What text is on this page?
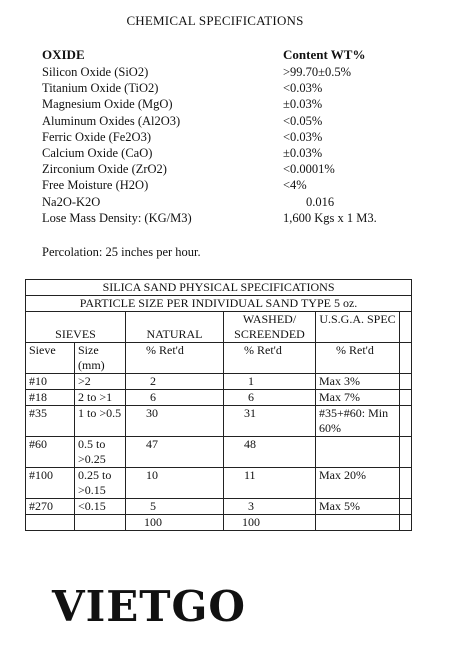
CHEMICAL SPECIFICATIONS
OXIDE	Content WT%
Silicon Oxide (SiO2)	>99.70±0.5%
Titanium Oxide (TiO2)	<0.03%
Magnesium Oxide (MgO)	±0.03%
Aluminum Oxides (Al2O3)	<0.05%
Ferric Oxide (Fe2O3)	<0.03%
Calcium Oxide (CaO)	±0.03%
Zirconium Oxide (ZrO2)	<0.0001%
Free Moisture (H2O)	<4%
Na2O-K2O	0.016
Lose Mass Density: (KG/M3)	1,600 Kgs x 1 M3.
Percolation: 25 inches per hour.
SILICA SAND PHYSICAL SPECIFICATIONS					
PARTICLE SIZE PER INDIVIDUAL SAND TYPE 5 oz.					
SIEVES		NATURAL	WASHED/ SCREENDED	U.S.G.A. SPEC	
Sieve	Size (mm)	% Ret'd	% Ret'd	% Ret'd	
#10	>2	2	1	Max 3%	
#18	2 to >1	6	6	Max 7%	
#35	1 to >0.5	30	31	#35+#60: Min 60%	
#60	0.5 to >0.25	47	48		
#100	0.25 to >0.15	10	11	Max 20%	
#270	<0.15	5	3	Max 5%	
		100	100		
VIETGO
